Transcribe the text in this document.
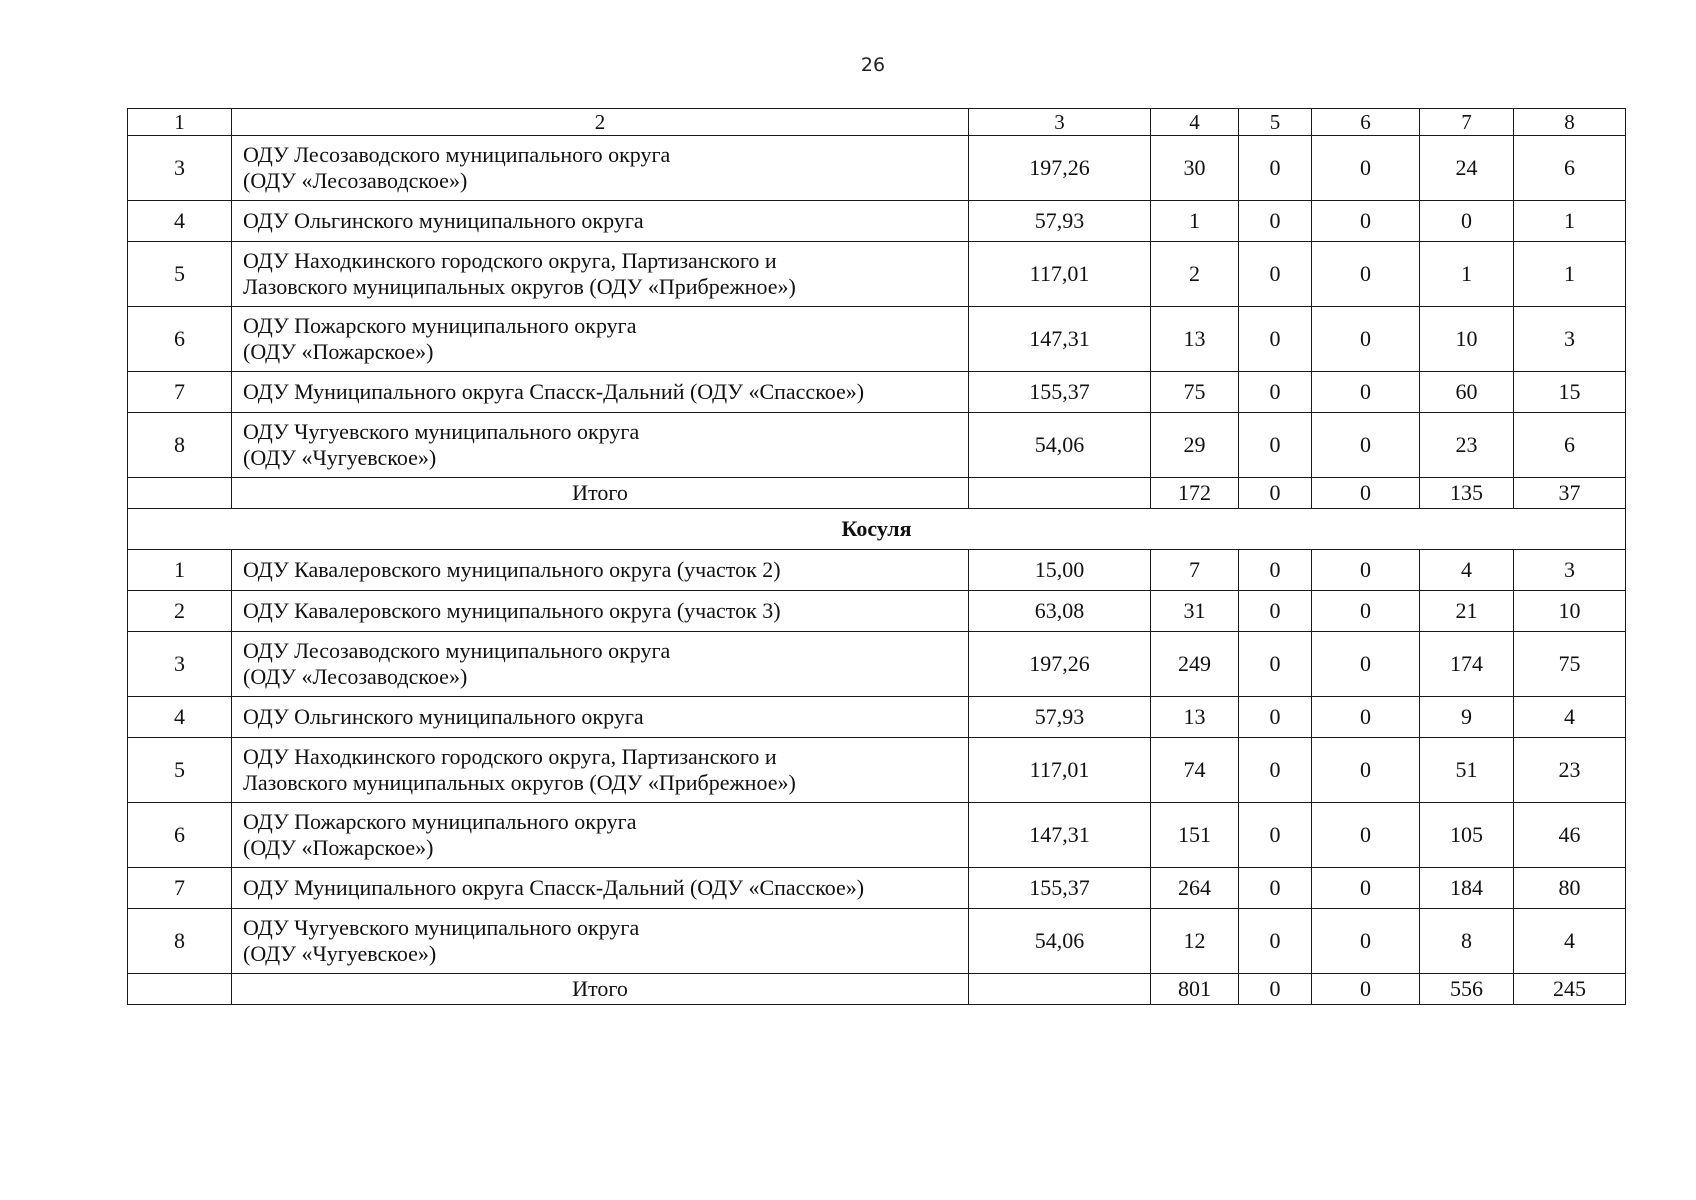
26
1	2	3	4	5	6	7	8
3	ОДУ Лесозаводского муниципального округа
(ОДУ «Лесозаводское»)	197,26	30	0	0	24	6
4	ОДУ Ольгинского муниципального округа	57,93	1	0	0	0	1
5	ОДУ Находкинского городского округа, Партизанского и
Лазовского муниципальных округов (ОДУ «Прибрежное»)	117,01	2	0	0	1	1
6	ОДУ Пожарского муниципального округа
(ОДУ «Пожарское»)	147,31	13	0	0	10	3
7	ОДУ Муниципального округа Спасск-Дальний (ОДУ «Спасское»)	155,37	75	0	0	60	15
8	ОДУ Чугуевского муниципального округа
(ОДУ «Чугуевское»)	54,06	29	0	0	23	6
	Итого		172	0	0	135	37
Косуля							
1	ОДУ Кавалеровского муниципального округа (участок 2)	15,00	7	0	0	4	3
2	ОДУ Кавалеровского муниципального округа (участок 3)	63,08	31	0	0	21	10
3	ОДУ Лесозаводского муниципального округа
(ОДУ «Лесозаводское»)	197,26	249	0	0	174	75
4	ОДУ Ольгинского муниципального округа	57,93	13	0	0	9	4
5	ОДУ Находкинского городского округа, Партизанского и
Лазовского муниципальных округов (ОДУ «Прибрежное»)	117,01	74	0	0	51	23
6	ОДУ Пожарского муниципального округа
(ОДУ «Пожарское»)	147,31	151	0	0	105	46
7	ОДУ Муниципального округа Спасск-Дальний (ОДУ «Спасское»)	155,37	264	0	0	184	80
8	ОДУ Чугуевского муниципального округа
(ОДУ «Чугуевское»)	54,06	12	0	0	8	4
	Итого		801	0	0	556	245
